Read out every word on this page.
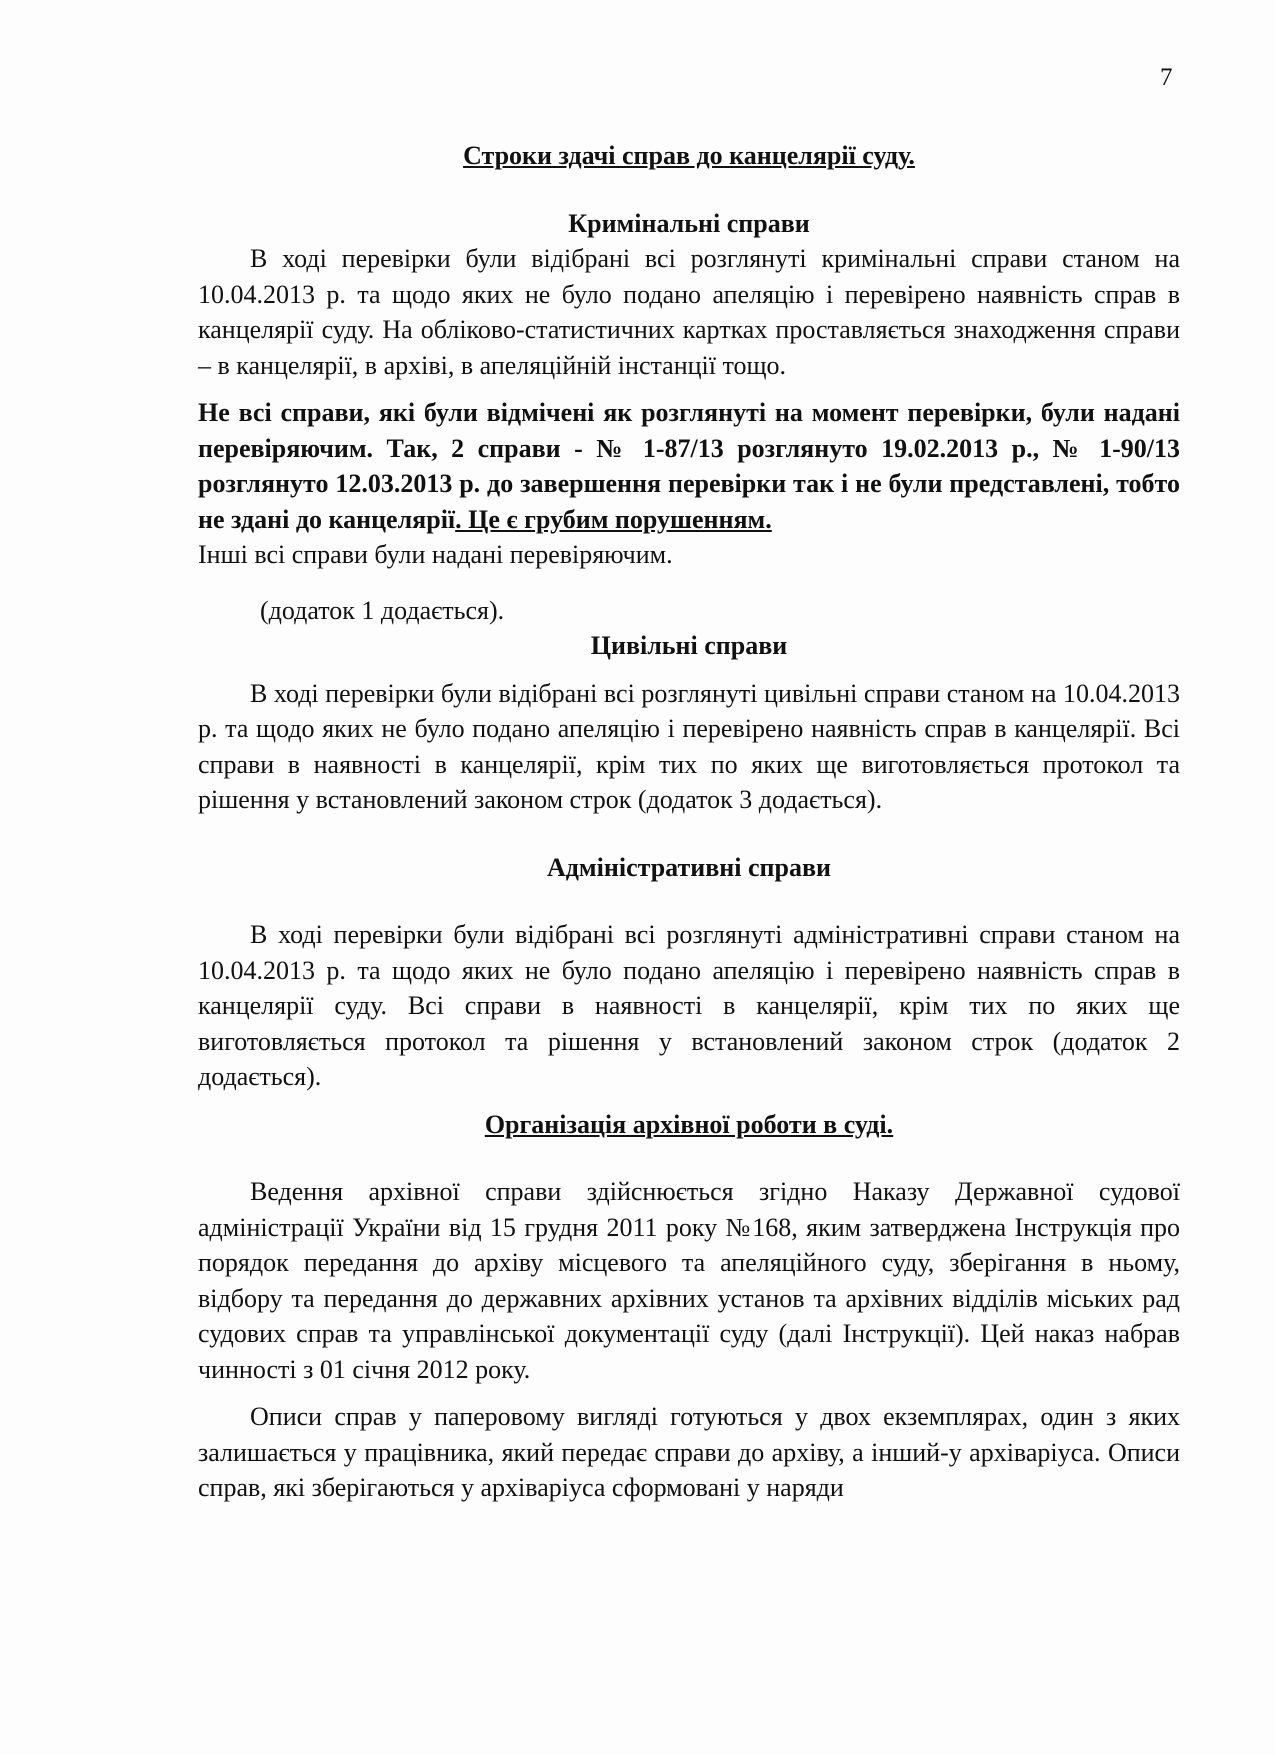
7

Строки здачі справ до канцелярії суду.

Кримінальні справи

В ході перевірки були відібрані всі розглянуті кримінальні справи станом на 10.04.2013 р. та щодо яких не було подано апеляцію і перевірено наявність справ в канцелярії суду. На обліково-статистичних картках проставляється знаходження справи – в канцелярії, в архіві, в апеляційній інстанції тощо.

Не всі справи, які були відмічені як розглянуті на момент перевірки, були надані перевіряючим. Так, 2 справи - № 1-87/13 розглянуто 19.02.2013 р., № 1-90/13 розглянуто 12.03.2013 р. до завершення перевірки так і не були представлені, тобто не здані до канцелярії. Це є грубим порушенням.

Інші всі справи були надані перевіряючим.

(додаток 1 додається).

Цивільні справи

В ході перевірки були відібрані всі розглянуті цивільні справи станом на 10.04.2013 р. та щодо яких не було подано апеляцію і перевірено наявність справ в канцелярії. Всі справи в наявності в канцелярії, крім тих по яких ще виготовляється протокол та рішення у встановлений законом строк (додаток 3 додається).

Адміністративні справи

В ході перевірки були відібрані всі розглянуті адміністративні справи станом на 10.04.2013 р. та щодо яких не було подано апеляцію і перевірено наявність справ в канцелярії суду. Всі справи в наявності в канцелярії, крім тих по яких ще виготовляється протокол та рішення у встановлений законом строк (додаток 2 додається).

Організація архівної роботи в суді.

Ведення архівної справи здійснюється згідно Наказу Державної судової адміністрації України від 15 грудня 2011 року №168, яким затверджена Інструкція про порядок передання до архіву місцевого та апеляційного суду, зберігання в ньому, відбору та передання до державних архівних установ та архівних відділів міських рад судових справ та управлінської документації суду (далі Інструкції). Цей наказ набрав чинності з 01 січня 2012 року.

Описи справ у паперовому вигляді готуються у двох екземплярах, один з яких залишається у працівника, який передає справи до архіву, а інший-у архіваріуса. Описи справ, які зберігаються у архіваріуса сформовані у наряди
